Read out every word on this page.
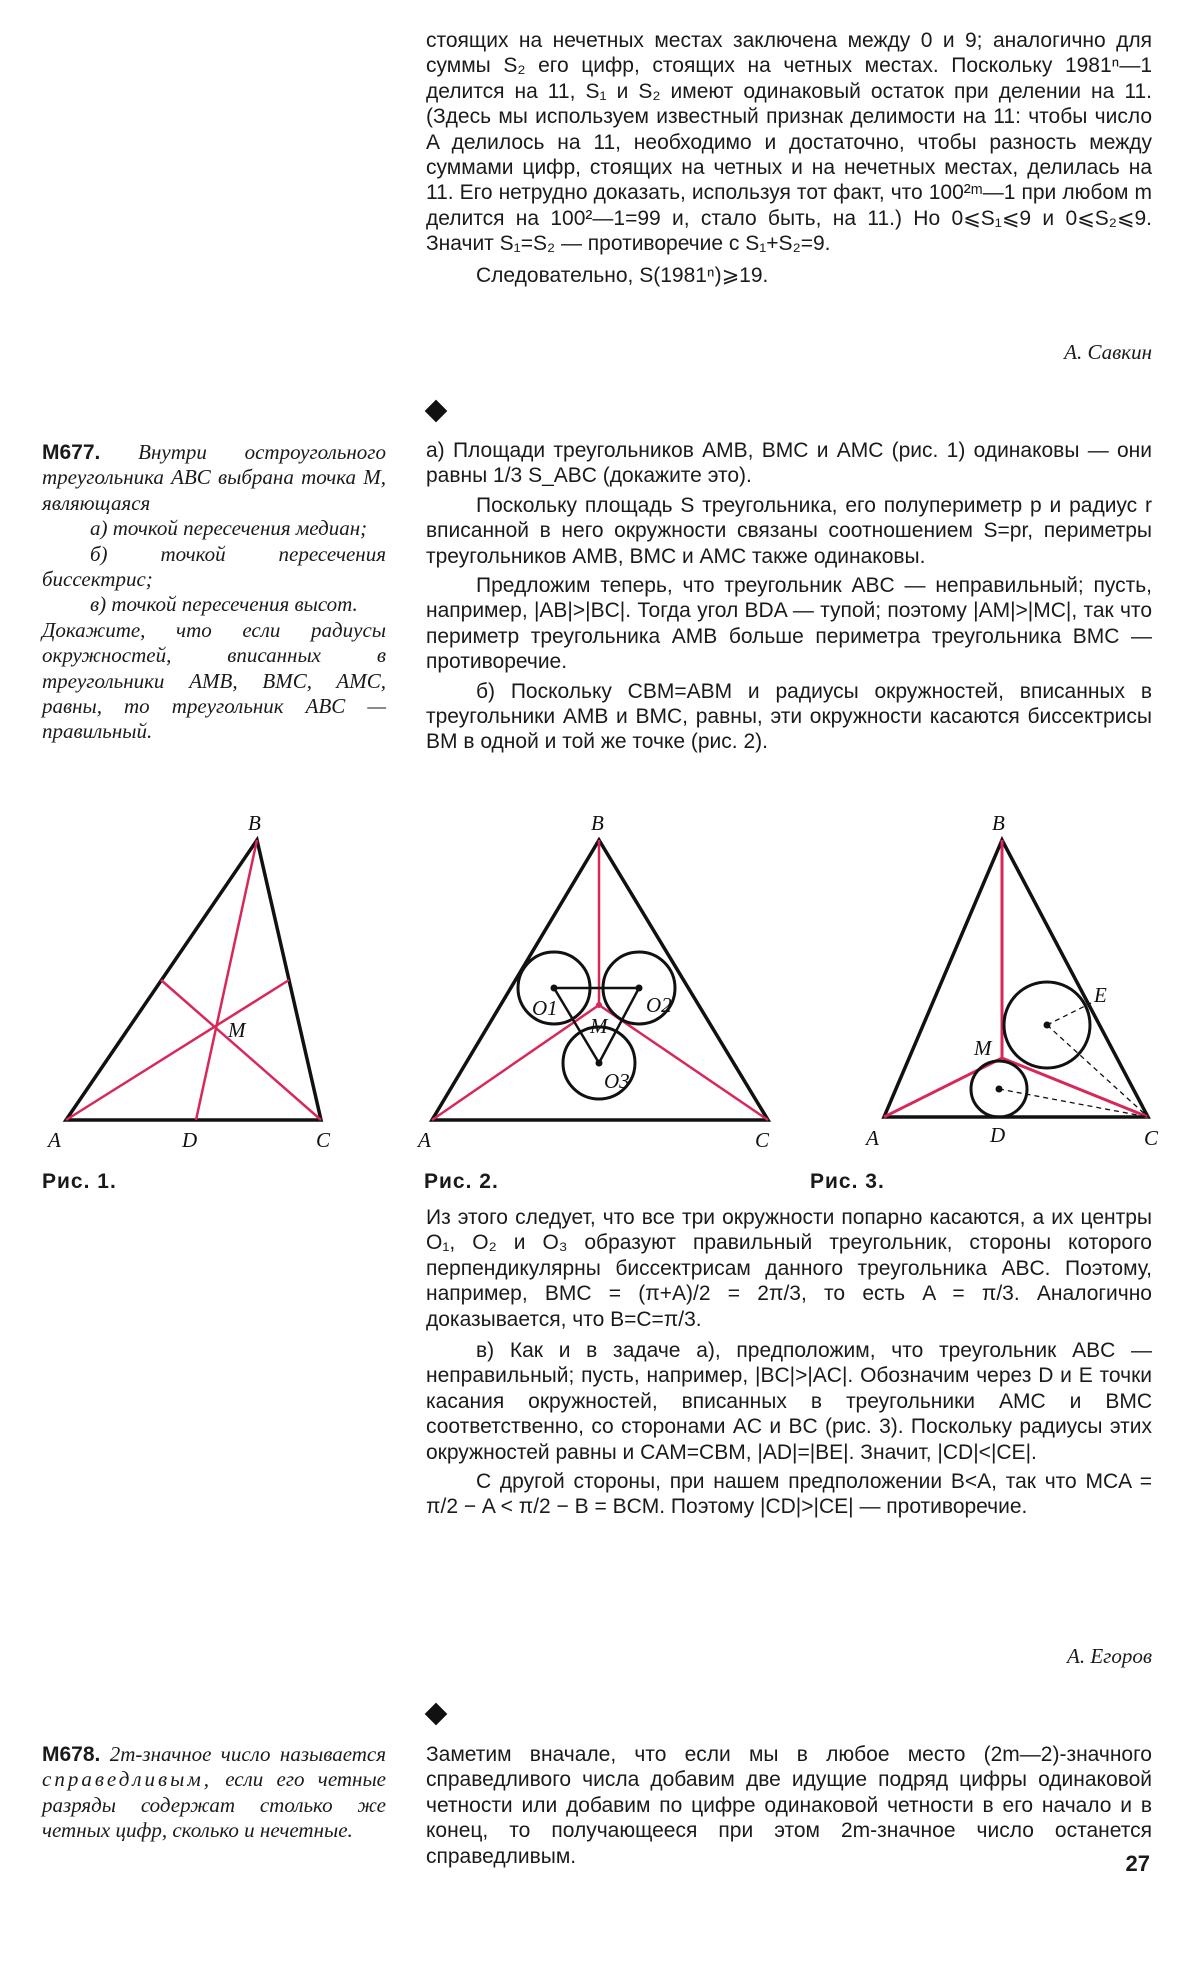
стоящих на нечетных местах заключена между 0 и 9; аналогично для суммы S₂ его цифр, стоящих на четных местах. Поскольку 1981ⁿ—1 делится на 11, S₁ и S₂ имеют одинаковый остаток при делении на 11. (Здесь мы используем известный признак делимости на 11: чтобы число A делилось на 11, необходимо и достаточно, чтобы разность между суммами цифр, стоящих на четных и на нечетных местах, делилась на 11. Его нетрудно доказать, используя тот факт, что 100²ᵐ—1 при любом m делится на 100²—1=99 и, стало быть, на 11.) Но 0⩽S₁⩽9 и 0⩽S₂⩽9. Значит S₁=S₂ — противоречие с S₁+S₂=9.

Следовательно, S(1981ⁿ)⩾19.

А. Савкин

М677. Внутри остроугольного треугольника ABC выбрана точка M, являющаяся

а) точкой пересечения медиан;

б) точкой пересечения биссектрис;

в) точкой пересечения высот.

Докажите, что если радиусы окружностей, вписанных в треугольники AMB, BMC, AMC, равны, то треугольник ABC — правильный.

а) Площади треугольников AMB, BMC и AMC (рис. 1) одинаковы — они равны 1/3 S_ABC (докажите это).

Поскольку площадь S треугольника, его полупериметр p и радиус r вписанной в него окружности связаны соотношением S=pr, периметры треугольников AMB, BMC и AMC также одинаковы.

Предложим теперь, что треугольник ABC — неправильный; пусть, например, |AB|>|BC|. Тогда угол BDA — тупой; поэтому |AM|>|MC|, так что периметр треугольника AMB больше периметра треугольника BMC — противоречие.

б) Поскольку CBM=ABM и радиусы окружностей, вписанных в треугольники AMB и BMC, равны, эти окружности касаются биссектрисы BM в одной и той же точке (рис. 2).

B
A	D	C
M
Рис. 1.
B
A	C
O1	O2
M
O3
Рис. 2.
B
A	D	C
M
E
Рис. 3.

Из этого следует, что все три окружности попарно касаются, а их центры O₁, O₂ и O₃ образуют правильный треугольник, стороны которого перпендикулярны биссектрисам данного треугольника ABC. Поэтому, например, BMC = (π+A)/2 = 2π/3, то есть A = π/3. Аналогично доказывается, что B=C=π/3.

в) Как и в задаче а), предположим, что треугольник ABC — неправильный; пусть, например, |BC|>|AC|. Обозначим через D и E точки касания окружностей, вписанных в треугольники AMC и BMC соответственно, со сторонами AC и BC (рис. 3). Поскольку радиусы этих окружностей равны и CAM=CBM, |AD|=|BE|. Значит, |CD|<|CE|.

С другой стороны, при нашем предположении B<A, так что MCA = π/2 − A < π/2 − B = BCM. Поэтому |CD|>|CE| — противоречие.

А. Егоров

М678. 2m-значное число называется справедливым, если его четные разряды содержат столько же четных цифр, сколько и нечетные.

Заметим вначале, что если мы в любое место (2m—2)-значного справедливого числа добавим две идущие подряд цифры одинаковой четности или добавим по цифре одинаковой четности в его начало и в конец, то получающееся при этом 2m-значное число останется справедливым.	27
